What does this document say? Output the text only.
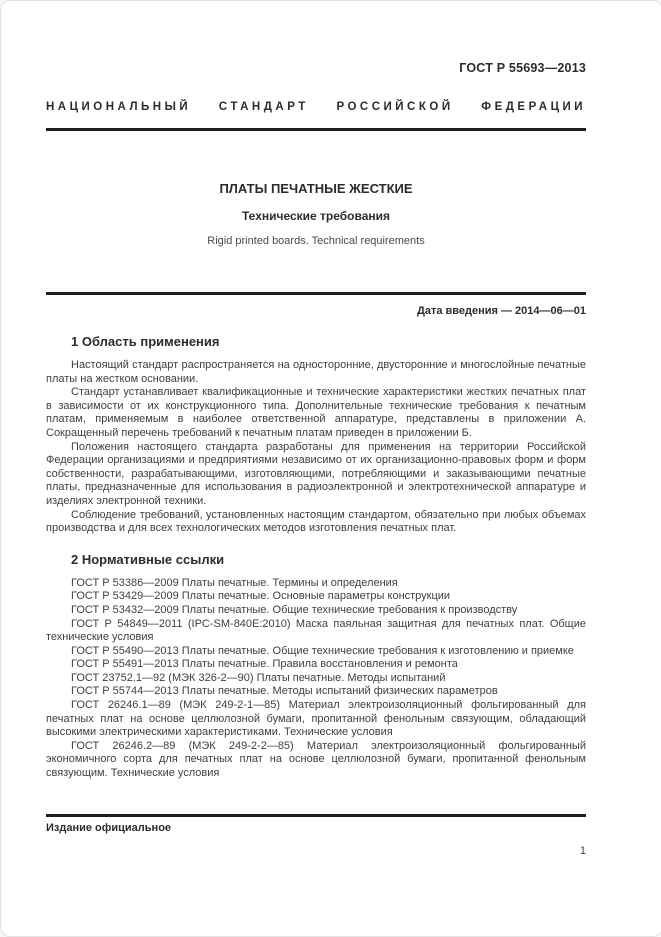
ГОСТ Р 55693—2013
НАЦИОНАЛЬНЫЙ СТАНДАРТ РОССИЙСКОЙ ФЕДЕРАЦИИ
ПЛАТЫ ПЕЧАТНЫЕ ЖЕСТКИЕ
Технические требования
Rigid printed boards. Technical requirements
Дата введения — 2014—06—01
1 Область применения

Настоящий стандарт распространяется на односторонние, двусторонние и многослойные печатные платы на жестком основании.

Стандарт устанавливает квалификационные и технические характеристики жестких печатных плат в зависимости от их конструкционного типа. Дополнительные технические требования к печатным платам, применяемым в наиболее ответственной аппаратуре, представлены в приложении А. Сокращенный перечень требований к печатным платам приведен в приложении Б.

Положения настоящего стандарта разработаны для применения на территории Российской Федерации организациями и предприятиями независимо от их организационно-правовых форм и форм собственности, разрабатывающими, изготовляющими, потребляющими и заказывающими печатные платы, предназначенные для использования в радиоэлектронной и электротехнической аппаратуре и изделиях электронной техники.

Соблюдение требований, установленных настоящим стандартом, обязательно при любых объемах производства и для всех технологических методов изготовления печатных плат.

2 Нормативные ссылки

ГОСТ Р 53386—2009 Платы печатные. Термины и определения

ГОСТ Р 53429—2009 Платы печатные. Основные параметры конструкции

ГОСТ Р 53432—2009 Платы печатные. Общие технические требования к производству

ГОСТ Р 54849—2011 (IPC-SM-840E:2010) Маска паяльная защитная для печатных плат. Общие технические условия

ГОСТ Р 55490—2013 Платы печатные. Общие технические требования к изготовлению и приемке

ГОСТ Р 55491—2013 Платы печатные. Правила восстановления и ремонта

ГОСТ 23752.1—92 (МЭК 326-2—90) Платы печатные. Методы испытаний

ГОСТ Р 55744—2013 Платы печатные. Методы испытаний физических параметров

ГОСТ 26246.1—89 (МЭК 249-2-1—85) Материал электроизоляционный фольгированный для печатных плат на основе целлюлозной бумаги, пропитанной фенольным связующим, обладающий высокими электрическими характеристиками. Технические условия

ГОСТ 26246.2—89 (МЭК 249-2-2—85) Материал электроизоляционный фольгированный экономичного сорта для печатных плат на основе целлюлозной бумаги, пропитанной фенольным связующим. Технические условия

Издание официальное
1
